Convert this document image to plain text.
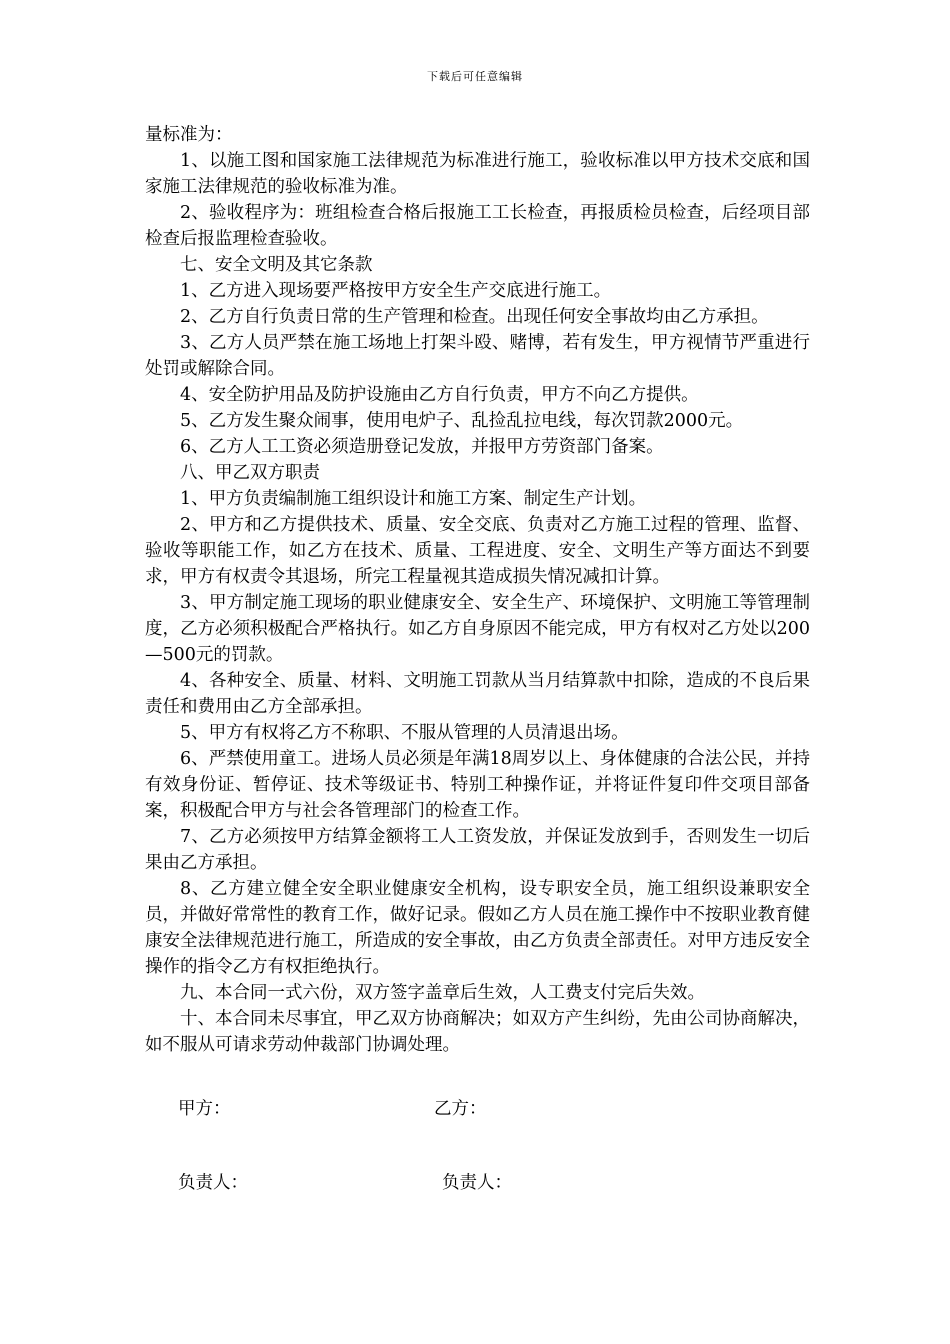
下载后可任意编辑

量标准为：

1、以施工图和国家施工法律规范为标准进行施工，验收标准以甲方技术交底和国家施工法律规范的验收标准为准。

2、验收程序为：班组检查合格后报施工工长检查，再报质检员检查，后经项目部检查后报监理检查验收。

七、安全文明及其它条款

1、乙方进入现场要严格按甲方安全生产交底进行施工。

2、乙方自行负责日常的生产管理和检查。出现任何安全事故均由乙方承担。

3、乙方人员严禁在施工场地上打架斗殴、赌博，若有发生，甲方视情节严重进行处罚或解除合同。

4、安全防护用品及防护设施由乙方自行负责，甲方不向乙方提供。

5、乙方发生聚众闹事，使用电炉子、乱捡乱拉电线，每次罚款2000元。

6、乙方人工工资必须造册登记发放，并报甲方劳资部门备案。

八、甲乙双方职责

1、甲方负责编制施工组织设计和施工方案、制定生产计划。

2、甲方和乙方提供技术、质量、安全交底、负责对乙方施工过程的管理、监督、验收等职能工作，如乙方在技术、质量、工程进度、安全、文明生产等方面达不到要求，甲方有权责令其退场，所完工程量视其造成损失情况减扣计算。

3、甲方制定施工现场的职业健康安全、安全生产、环境保护、文明施工等管理制度，乙方必须积极配合严格执行。如乙方自身原因不能完成，甲方有权对乙方处以200—500元的罚款。

4、各种安全、质量、材料、文明施工罚款从当月结算款中扣除，造成的不良后果责任和费用由乙方全部承担。

5、甲方有权将乙方不称职、不服从管理的人员清退出场。

6、严禁使用童工。进场人员必须是年满18周岁以上、身体健康的合法公民，并持有效身份证、暂停证、技术等级证书、特别工种操作证，并将证件复印件交项目部备案，积极配合甲方与社会各管理部门的检查工作。

7、乙方必须按甲方结算金额将工人工资发放，并保证发放到手，否则发生一切后果由乙方承担。

8、乙方建立健全安全职业健康安全机构，设专职安全员，施工组织设兼职安全员，并做好常常性的教育工作，做好记录。假如乙方人员在施工操作中不按职业教育健康安全法律规范进行施工，所造成的安全事故，由乙方负责全部责任。对甲方违反安全操作的指令乙方有权拒绝执行。

九、本合同一式六份，双方签字盖章后生效，人工费支付完后失效。

十、本合同未尽事宜，甲乙双方协商解决；如双方产生纠纷，先由公司协商解决，如不服从可请求劳动仲裁部门协调处理。

甲方：	乙方：
负责人：	负责人：
